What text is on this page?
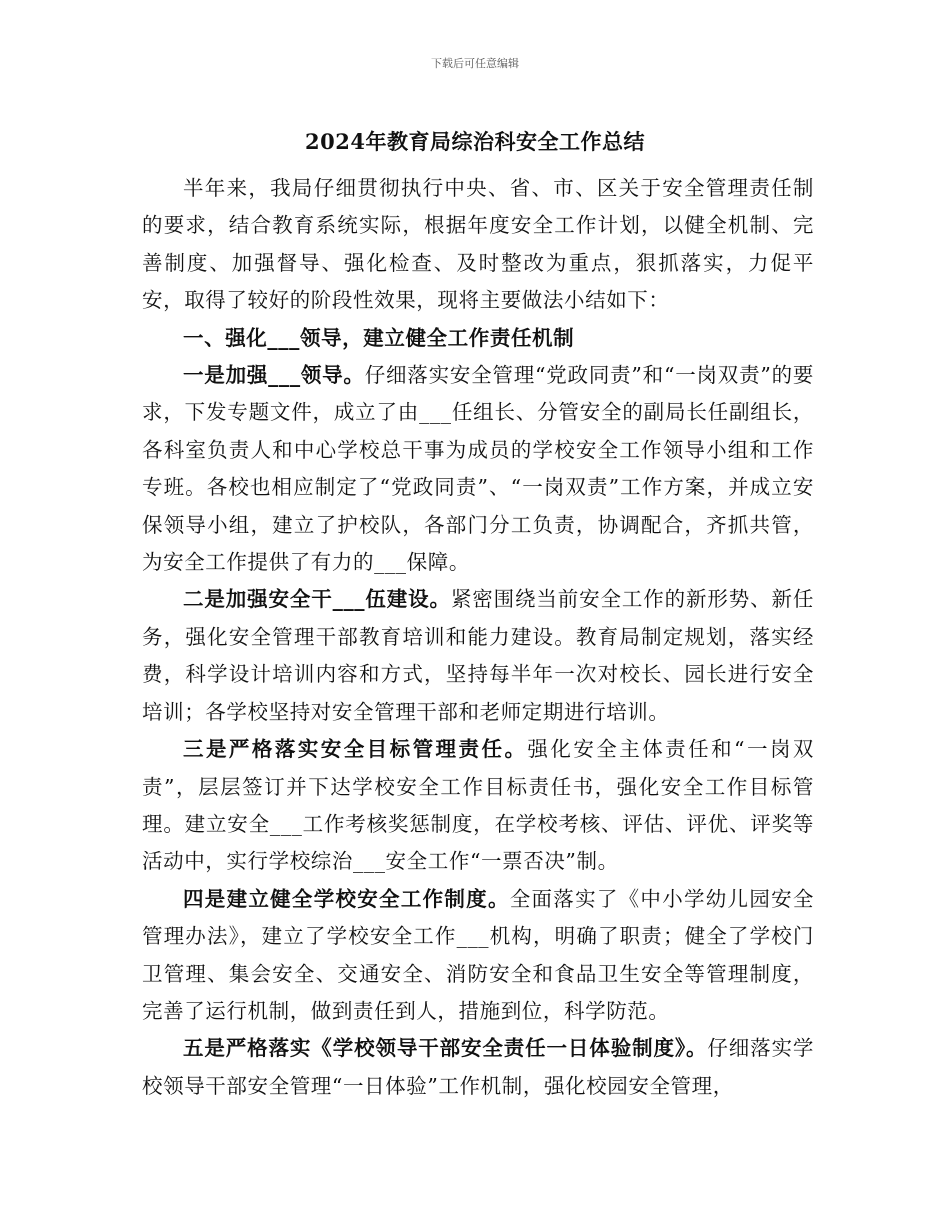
下载后可任意编辑
2024年教育局综治科安全工作总结

半年来，我局仔细贯彻执行中央、省、市、区关于安全管理责任制的要求，结合教育系统实际，根据年度安全工作计划，以健全机制、完善制度、加强督导、强化检查、及时整改为重点，狠抓落实，力促平安，取得了较好的阶段性效果，现将主要做法小结如下：

一、强化___领导，建立健全工作责任机制

一是加强___领导。仔细落实安全管理“党政同责”和“一岗双责”的要求，下发专题文件，成立了由___任组长、分管安全的副局长任副组长，各科室负责人和中心学校总干事为成员的学校安全工作领导小组和工作专班。各校也相应制定了“党政同责”、“一岗双责”工作方案，并成立安保领导小组，建立了护校队，各部门分工负责，协调配合，齐抓共管，为安全工作提供了有力的___保障。

二是加强安全干___伍建设。紧密围绕当前安全工作的新形势、新任务，强化安全管理干部教育培训和能力建设。教育局制定规划，落实经费，科学设计培训内容和方式，坚持每半年一次对校长、园长进行安全培训；各学校坚持对安全管理干部和老师定期进行培训。

三是严格落实安全目标管理责任。强化安全主体责任和“一岗双责”，层层签订并下达学校安全工作目标责任书，强化安全工作目标管理。建立安全___工作考核奖惩制度，在学校考核、评估、评优、评奖等活动中，实行学校综治___安全工作“一票否决”制。

四是建立健全学校安全工作制度。全面落实了《中小学幼儿园安全管理办法》，建立了学校安全工作___机构，明确了职责；健全了学校门卫管理、集会安全、交通安全、消防安全和食品卫生安全等管理制度，完善了运行机制，做到责任到人，措施到位，科学防范。

五是严格落实《学校领导干部安全责任一日体验制度》。仔细落实学校领导干部安全管理“一日体验”工作机制，强化校园安全管理，
